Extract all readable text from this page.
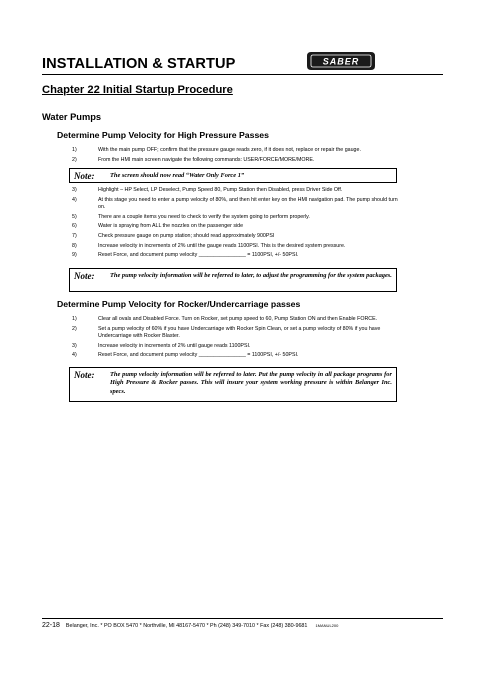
INSTALLATION & STARTUP	SABER
Chapter 22 Initial Startup Procedure
Water Pumps
Determine Pump Velocity for High Pressure Passes
1)	With the main pump OFF; confirm that the pressure gauge reads zero, if it does not, replace or repair the gauge.
2)	From the HMI main screen navigate the following commands: USER/FORCE/MORE/MORE.
Note:	The screen should now read “Water Only Force 1”
3)	Highlight – HP Select, LP Deselect, Pump Speed 80, Pump Station then Disabled, press Driver Side Off.
4)	At this stage you need to enter a pump velocity of 80%, and then hit enter key on the HMI navigation pad. The pump should turn on.
5)	There are a couple items you need to check to verify the system going to perform properly.
6)	Water is spraying from ALL the nozzles on the passenger side
7)	Check pressure gauge on pump station; should read approximately 900PSI
8)	Increase velocity in increments of 2% until the gauge reads 1100PSI. This is the desired system pressure.
9)	Reset Force, and document pump velocity ________________ = 1100PSI, +/- 50PSI.
Note:	The pump velocity information will be referred to later, to adjust the programming for the system packages.
Determine Pump Velocity for Rocker/Undercarriage passes
1)	Clear all ovals and Disabled Force. Turn on Rocker, set pump speed to 60, Pump Station ON and then Enable FORCE.
2)	Set a pump velocity of 60% if you have Undercarriage with Rocker Spin Clean, or set a pump velocity of 80% if you have Undercarriage with Rocker Blaster.
3)	Increase velocity in increments of 2% until gauge reads 1100PSI.
4)	Reset Force, and document pump velocity ________________ = 1100PSI, +/- 50PSI.
Note:	The pump velocity information will be referred to later. Put the pump velocity in all package programs for High Pressure & Rocker passes. This will insure your system working pressure is within Belanger Inc. specs.
22-18 Belanger, Inc. * PO BOX 5470 * Northville, MI 48167-5470 * Ph (248) 349-7010 * Fax (248) 380-9681 1MANUL200
